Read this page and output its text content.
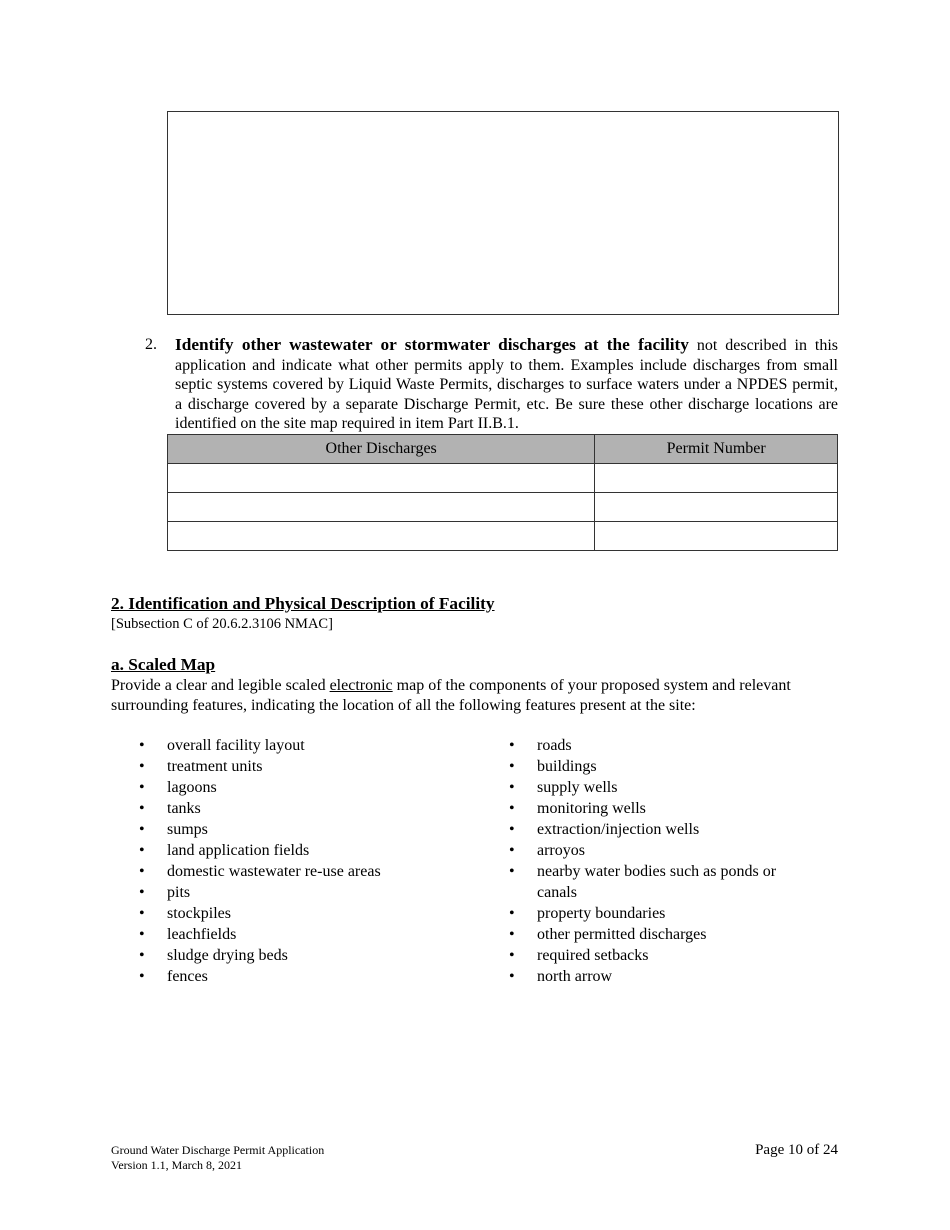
2. Identify other wastewater or stormwater discharges at the facility not described in this application and indicate what other permits apply to them. Examples include discharges from small septic systems covered by Liquid Waste Permits, discharges to surface waters under a NPDES permit, a discharge covered by a separate Discharge Permit, etc. Be sure these other discharge locations are identified on the site map required in item Part II.B.1.
Other Discharges	Permit Number

2. Identification and Physical Description of Facility
[Subsection C of 20.6.2.3106 NMAC]
a. Scaled Map
Provide a clear and legible scaled electronic map of the components of your proposed system and relevant surrounding features, indicating the location of all the following features present at the site:
• overall facility layout
• treatment units
• lagoons
• tanks
• sumps
• land application fields
• domestic wastewater re-use areas
• pits
• stockpiles
• leachfields
• sludge drying beds
• fences
• roads
• buildings
• supply wells
• monitoring wells
• extraction/injection wells
• arroyos
• nearby water bodies such as ponds or canals
• property boundaries
• other permitted discharges
• required setbacks
• north arrow
Ground Water Discharge Permit Application
Version 1.1, March 8, 2021
Page 10 of 24
